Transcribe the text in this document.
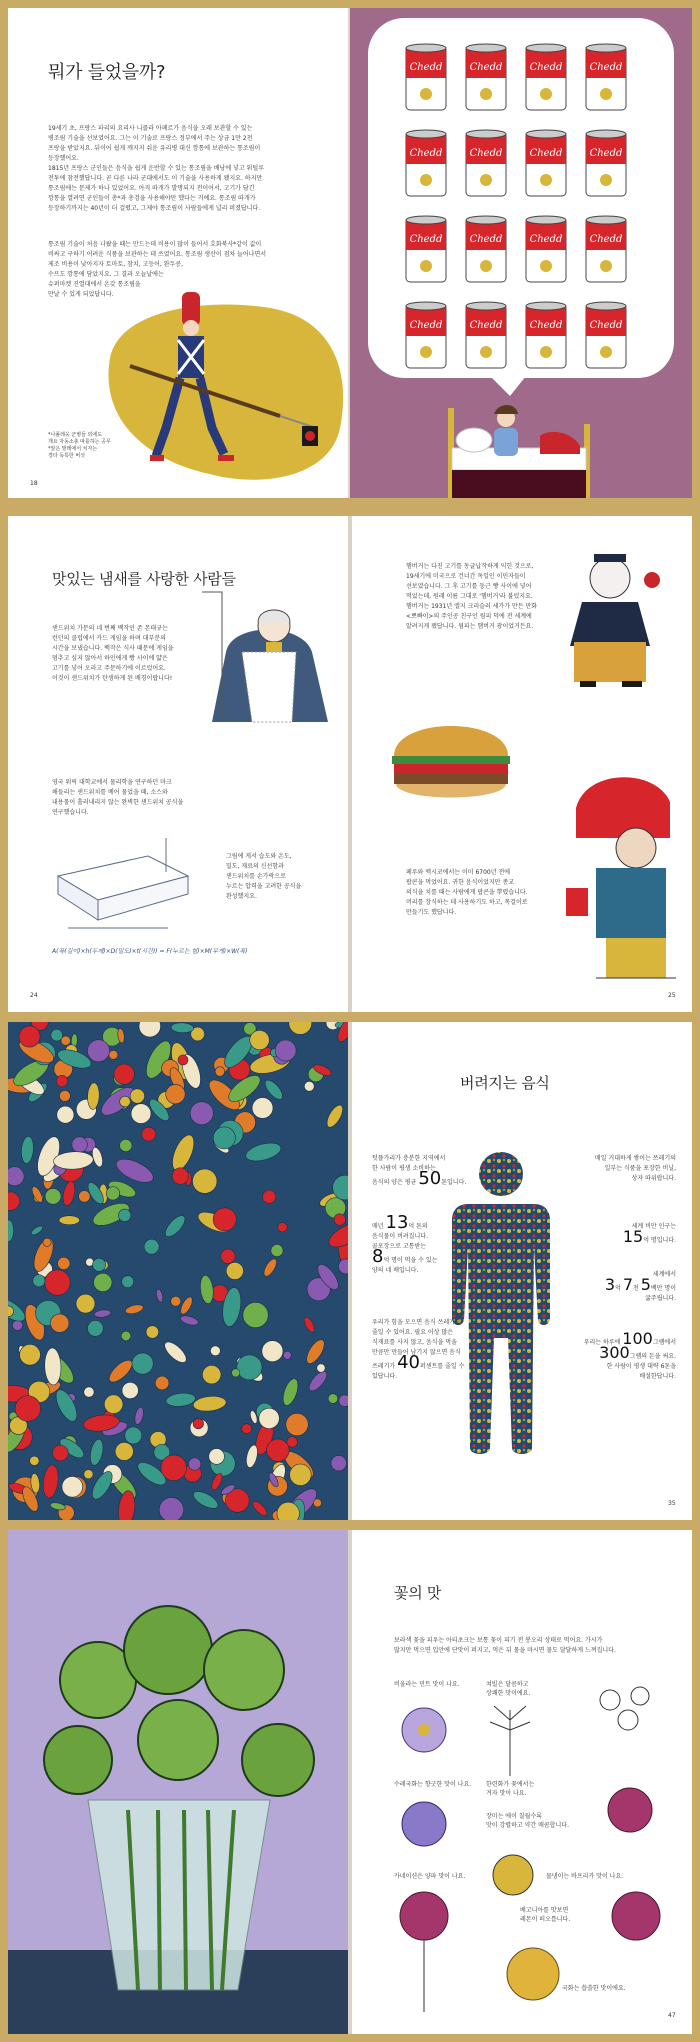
뭐가 들었을까?
19세기 초, 프랑스 파리의 요리사 니콜라 아페르가 음식을 오래 보관할 수 있는
병조림 기술을 선보였어요. 그는 이 기술로 프랑스 정부에서 주는 상금 1만 2천
프랑을 받았지요. 뒤이어 쉽게 깨지지 쉬운 유리병 대신 깡통에 보관하는 통조림이
등장했어요.
1815년 프랑스 군인들은 음식을 쉽게 운반할 수 있는 통조림을 배낭에 넣고 워털루
전투에 참전했답니다. 곧 다른 나라 군대에서도 이 기술을 사용하게 됐지요. 하지만
통조림에는 문제가 하나 있었어요. 아직 따개가 발명되지 전이어서, 고기가 담긴
깡통을 열려면 군인들이 총*과 총검을 사용해야만 했다는 거예요. 통조림 따개가
등장하기까지는 40년이 더 걸렸고, 그제야 통조림이 사람들에게 널리 퍼졌답니다.
통조림 기술이 처음 나왔을 때는 만드는데 비용이 많이 들어서 호화북사*같이 값이
비싸고 구하기 어려운 식품을 보관하는 데 쓰였어요. 통조림 생산이 점차 늘어나면서
제조 비용이 낮아지자 토마토, 참치, 고등어, 완두콩,
수프도 깡통에 담았지요. 그 결과 오늘날에는
슈퍼마켓 진열대에서 온갖 통조림을
만날 수 있게 되었답니다.
*나폴레옹 군병들 외에도
개요 자동소총 따를하는 공무
*알은 말레에서 치자는
경타 독특한 버섯
18
Chedd	Chedd	Chedd	Chedd
Chedd	Chedd	Chedd	Chedd
Chedd	Chedd	Chedd	Chedd
Chedd	Chedd	Chedd	Chedd
맛있는 냄새를 사랑한 사람들
샌드위치 가문의 네 번째 백작인 존 몬태규는
런던의 클럽에서 카드 게임을 하며 대부분의
시간을 보냈습니다. 백작은 식사 때문에 게임을
멈추고 싶지 않아서 하인에게 빵 사이에 얇은
고기를 넣어 오라고 주문하기에 이르렀어요.
이것이 샌드위치가 탄생하게 된 배경이랍니다!
영국 워릭 대학교에서 물리학을 연구하던 마크
해들리는 샌드위치를 베어 물었을 때, 소스와
내용물이 흘러내리지 않는 완벽한 샌드위치 공식을
연구했습니다.
그림에 게서 습도와 온도,
밀도, 재료의 신선함과
샌드위치를 손가락으로
누르는 압력을 고려한 공식을
완성했지요.
A(폭(길이)×h(두께)×D(밀도)×t(시간)) = F(누르는 힘)×M(무게)×W(폭)
24
햄버거는 다진 고기를 동글납작하게 익힌 것으로,
19세기에 미국으로 건너간 독일인 이민자들이
선보였습니다. 그 후 고기를 둥근 빵 사이에 넣어
먹었는데, 원래 이름 그대로 '햄버거'라 불렀지요.
햄버거는 1931년 엘지 크리슬러 세가가 만든 만화
<뽀빠이>의 주인공 친구인 웜피 덕에 전 세계에
알려지게 됐답니다. 웜피는 햄버거 광이었거든요.
페루와 멕시코에서는 이미 6700년 전에
팝콘을 먹었어요. 귀한 음식이었지만 종교
의식을 치를 때는 사람에게 팝콘을 뿌렸습니다.
머리를 장식하는 데 사용하기도 하고, 목걸이로
만들기도 했답니다.
25
버려지는 음식
텃플가리가 충분한 지역에서
한 사람이 평생 소비하는
음식의 양은 평균 50톤입니다.
매년 13억 톤의
음식물이 버려집니다.
골포장으로 고통받는
8억 명이 먹을 수 있는
양의 네 배입니다.
우리가 힘을 모으면 음식 쓰레기를
줄일 수 있어요. 필요 이상 많은
식재료를 사지 않고, 음식을 먹을
만큼만 만들어 남기지 않으면 음식
쓰레기가 40퍼센트를 줄일 수
있답니다.
매일 거대하게 쌓이는 쓰레기의
일부는 식품을 포장한 비닐,
상자 따위랍니다.
세계 비만 인구는
15억 명입니다.
세계에서
3억 7천 5백만 명이
굶주립니다.
우리는 하루에 100그램에서
300그램의 돈을 써요.
한 사람이 평생 대략 6톤을
배설한답니다.
35
꽃의 맛
보라색 꽃을 피우는 아티초크는 보통 꽃이 피기 전 봉오리 상태로 먹어요. 가시가
많지만 먹으면 입안에 단맛이 퍼지고, 먹은 뒤 물을 마시면 물도 달달하게 느껴집니다.
비올라는 민트 맛이 나요.	쳐빌은 달콤하고
상쾌한 맛이에요.
수레국화는 향긋한 맛이 나요. 한련화가 꽃에서는
겨자 맛이 나요.
장미는 에이 칠월수록
맛이 강렬하고 약간 매콤합니다.
카네이션은 양파 맛이 나요.	물냉이는 바프리카 맛이 나요.
베고니아를 맛보면
레몬이 떠오릅니다.
국화는 씁쓸한 맛이에요.
47
